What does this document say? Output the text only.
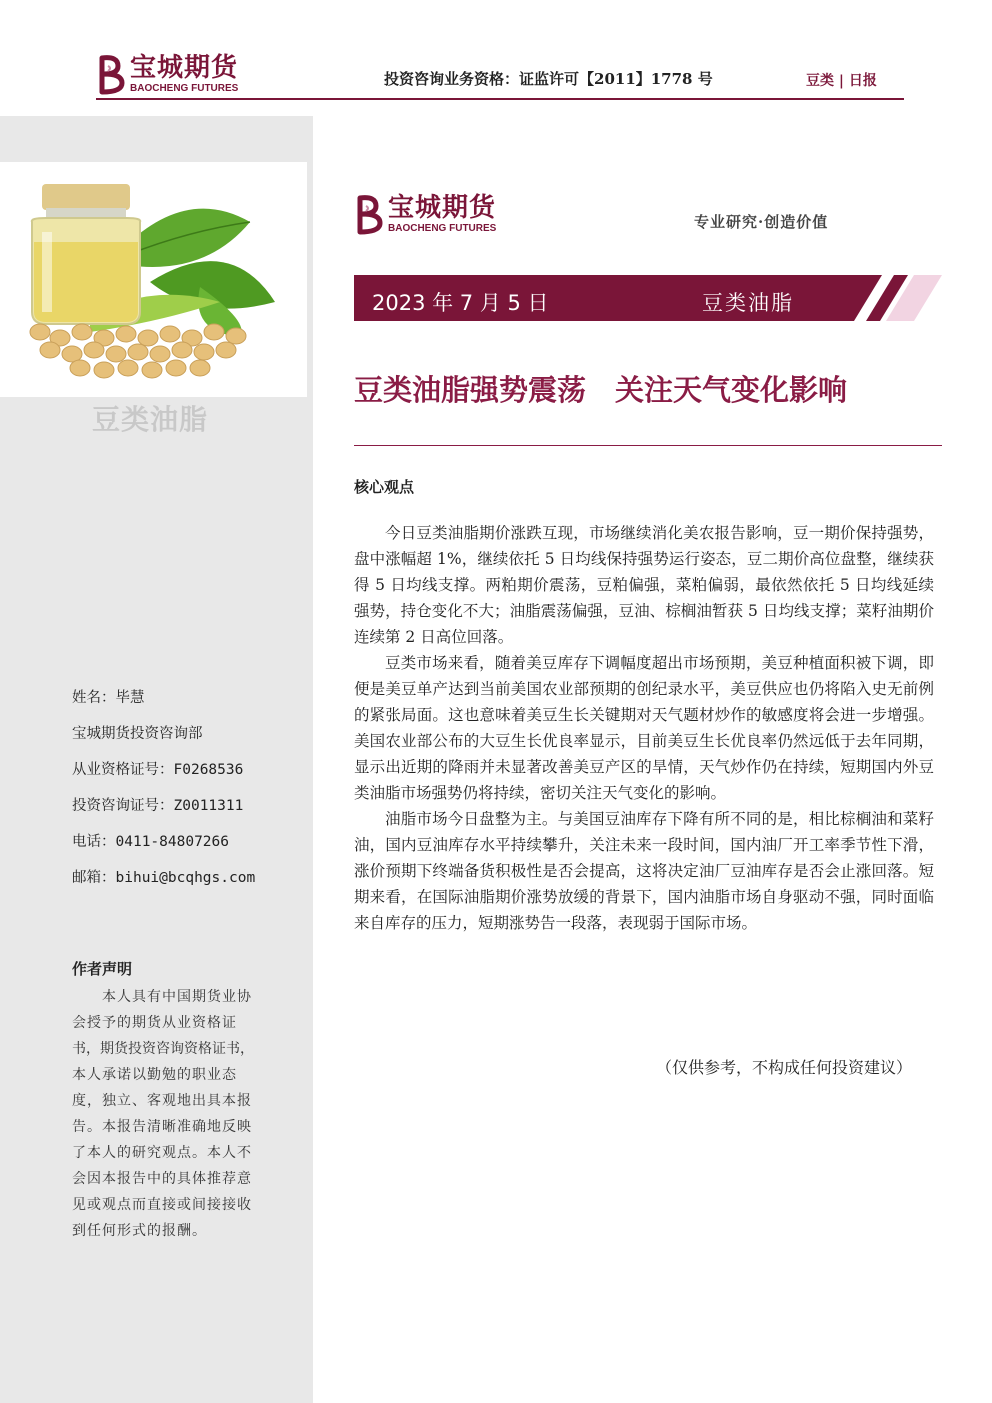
宝城期货
BAOCHENG FUTURES	投资咨询业务资格：证监许可【2011】1778 号	豆类 | 日报
豆类油脂
姓名：毕慧
宝城期货投资咨询部
从业资格证号：F0268536
投资咨询证号：Z0011311
电话：0411-84807266
邮箱：bihui@bcqhgs.com
作者声明
　　本人具有中国期货业协
会授予的期货从业资格证
书，期货投资咨询资格证书，
本人承诺以勤勉的职业态
度，独立、客观地出具本报
告。本报告清晰准确地反映
了本人的研究观点。本人不
会因本报告中的具体推荐意
见或观点而直接或间接接收
到任何形式的报酬。
宝城期货
BAOCHENG FUTURES	专业研究·创造价值
2023 年 7 月 5 日	豆类油脂
豆类油脂强势震荡　关注天气变化影响
核心观点

今日豆类油脂期价涨跌互现，市场继续消化美农报告影响，豆一期价保持强势，盘中涨幅超 1%，继续依托 5 日均线保持强势运行姿态，豆二期价高位盘整，继续获得 5 日均线支撑。两粕期价震荡，豆粕偏强，菜粕偏弱，最依然依托 5 日均线延续强势，持仓变化不大；油脂震荡偏强，豆油、棕榈油暂获 5 日均线支撑；菜籽油期价连续第 2 日高位回落。

豆类市场来看，随着美豆库存下调幅度超出市场预期，美豆种植面积被下调，即便是美豆单产达到当前美国农业部预期的创纪录水平，美豆供应也仍将陷入史无前例的紧张局面。这也意味着美豆生长关键期对天气题材炒作的敏感度将会进一步增强。美国农业部公布的大豆生长优良率显示，目前美豆生长优良率仍然远低于去年同期，显示出近期的降雨并未显著改善美豆产区的旱情，天气炒作仍在持续，短期国内外豆类油脂市场强势仍将持续，密切关注天气变化的影响。

油脂市场今日盘整为主。与美国豆油库存下降有所不同的是，相比棕榈油和菜籽油，国内豆油库存水平持续攀升，关注未来一段时间，国内油厂开工率季节性下滑，涨价预期下终端备货积极性是否会提高，这将决定油厂豆油库存是否会止涨回落。短期来看，在国际油脂期价涨势放缓的背景下，国内油脂市场自身驱动不强，同时面临来自库存的压力，短期涨势告一段落，表现弱于国际市场。

（仅供参考，不构成任何投资建议）
